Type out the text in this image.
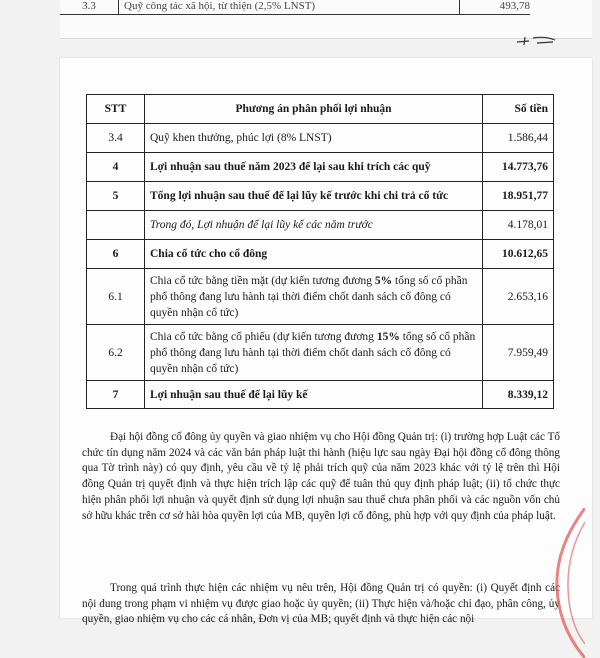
3.3	Quỹ công tác xã hội, từ thiện (2,5% LNST)	493,78
STT	Phương án phân phối lợi nhuận	Số tiền
3.4	Quỹ khen thưởng, phúc lợi (8% LNST)	1.586,44
4	Lợi nhuận sau thuế năm 2023 để lại sau khi trích các quỹ	14.773,76
5	Tổng lợi nhuận sau thuế để lại lũy kế trước khi chi trả cổ tức	18.951,77
	Trong đó, Lợi nhuận để lại lũy kế các năm trước	4.178,01
6	Chia cổ tức cho cổ đông	10.612,65
6.1	Chia cổ tức bằng tiền mặt (dự kiến tương đương 5% tổng số cổ phần phổ thông đang lưu hành tại thời điểm chốt danh sách cổ đông có quyền nhận cổ tức)	2.653,16
6.2	Chia cổ tức bằng cổ phiếu (dự kiến tương đương 15% tổng số cổ phần phổ thông đang lưu hành tại thời điểm chốt danh sách cổ đông có quyền nhận cổ tức)	7.959,49
7	Lợi nhuận sau thuế để lại lũy kế	8.339,12

Đại hội đồng cổ đông ủy quyền và giao nhiệm vụ cho Hội đồng Quản trị: (i) trường hợp Luật các Tổ chức tín dụng năm 2024 và các văn bản pháp luật thi hành (hiệu lực sau ngày Đại hội đồng cổ đông thông qua Tờ trình này) có quy định, yêu cầu về tỷ lệ phải trích quỹ của năm 2023 khác với tỷ lệ trên thì Hội đồng Quản trị quyết định và thực hiện trích lập các quỹ để tuân thủ quy định pháp luật; (ii) tổ chức thực hiện phân phối lợi nhuận và quyết định sử dụng lợi nhuận sau thuế chưa phân phối và các nguồn vốn chủ sở hữu khác trên cơ sở hài hòa quyền lợi của MB, quyền lợi cổ đông, phù hợp với quy định của pháp luật.

Trong quá trình thực hiện các nhiệm vụ nêu trên, Hội đồng Quản trị có quyền: (i) Quyết định các nội dung trong phạm vi nhiệm vụ được giao hoặc ủy quyền; (ii) Thực hiện và/hoặc chỉ đạo, phân công, ủy quyền, giao nhiệm vụ cho các cá nhân, Đơn vị của MB; quyết định và thực hiện các nội
